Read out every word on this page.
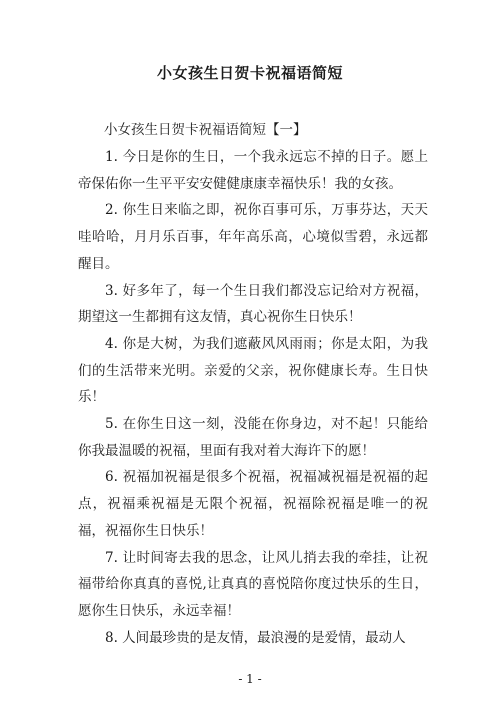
小女孩生日贺卡祝福语简短
小女孩生日贺卡祝福语简短【一】

1. 今日是你的生日，一个我永远忘不掉的日子。愿上帝保佑你一生平平安安健健康康幸福快乐！我的女孩。

2. 你生日来临之即，祝你百事可乐，万事芬达，天天哇哈哈，月月乐百事，年年高乐高，心境似雪碧，永远都醒目。

3. 好多年了，每一个生日我们都没忘记给对方祝福，期望这一生都拥有这友情，真心祝你生日快乐！

4. 你是大树，为我们遮蔽风风雨雨；你是太阳，为我们的生活带来光明。亲爱的父亲，祝你健康长寿。生日快乐！

5. 在你生日这一刻，没能在你身边，对不起！只能给你我最温暖的祝福，里面有我对着大海许下的愿！

6. 祝福加祝福是很多个祝福，祝福减祝福是祝福的起点，祝福乘祝福是无限个祝福，祝福除祝福是唯一的祝福，祝福你生日快乐！

7. 让时间寄去我的思念，让风儿捎去我的牵挂，让祝福带给你真真的喜悦,让真真的喜悦陪你度过快乐的生日，愿你生日快乐，永远幸福！

8. 人间最珍贵的是友情，最浪漫的是爱情，最动人

- 1 -
